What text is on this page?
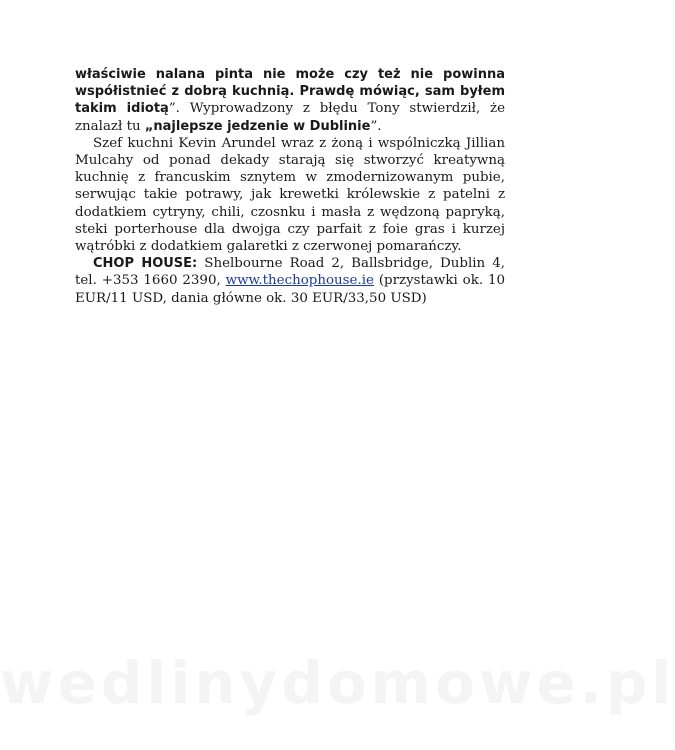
właściwie nalana pinta nie może czy też nie powinna współistnieć z dobrą kuchnią. Prawdę mówiąc, sam byłem takim idiotą”. Wyprowadzony z błędu Tony stwierdził, że znalazł tu „najlepsze jedzenie w Dublinie”.

Szef kuchni Kevin Arundel wraz z żoną i wspólniczką Jillian Mulcahy od ponad dekady starają się stworzyć kreatywną kuchnię z francuskim sznytem w zmodernizowanym pubie, serwując takie potrawy, jak krewetki królewskie z patelni z dodatkiem cytryny, chili, czosnku i masła z wędzoną papryką, steki porterhouse dla dwojga czy parfait z foie gras i kurzej wątróbki z dodatkiem galaretki z czerwonej pomarańczy.

CHOP HOUSE: Shelbourne Road 2, Ballsbridge, Dublin 4, tel. +353 1660 2390, www.thechophouse.ie (przystawki ok. 10 EUR/11 USD, dania główne ok. 30 EUR/33,50 USD)

wedlinydomowe.pl
